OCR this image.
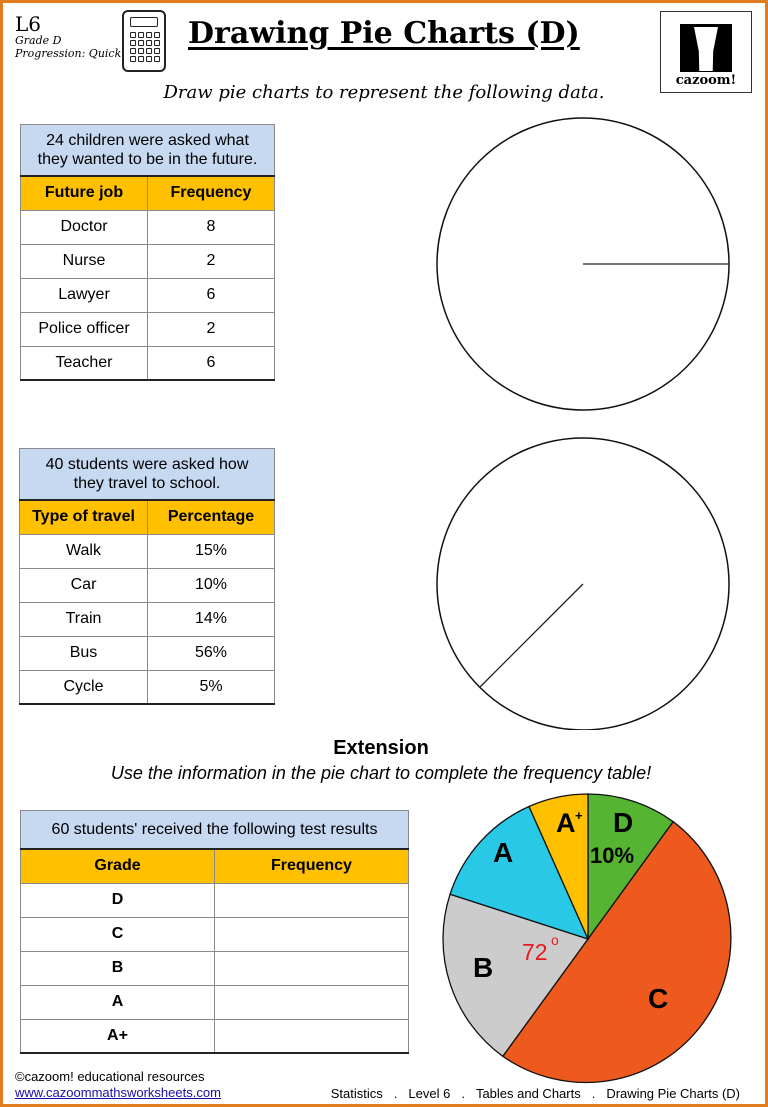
L6
Grade D
Progression: Quick
Drawing Pie Charts (D)
cazoom!
Draw pie charts to represent the following data.
24 children were asked what
they wanted to be in the future.	

Future job	Frequency
Doctor	8
Nurse	2
Lawyer	6
Police officer	2
Teacher	6
40 students were asked how
they travel to school.	

Type of travel	Percentage
Walk	15%
Car	10%
Train	14%
Bus	56%
Cycle	5%
Extension
Use the information in the pie chart to complete the frequency table!
60 students' received the following test results	
Grade	Frequency
D	
C	
B	
A	
A+	
D
10%
C
B 72 o
A
A +
©cazoom! educational resources
www.cazoommathsworksheets.com	Statistics . Level 6 . Tables and Charts . Drawing Pie Charts (D)
